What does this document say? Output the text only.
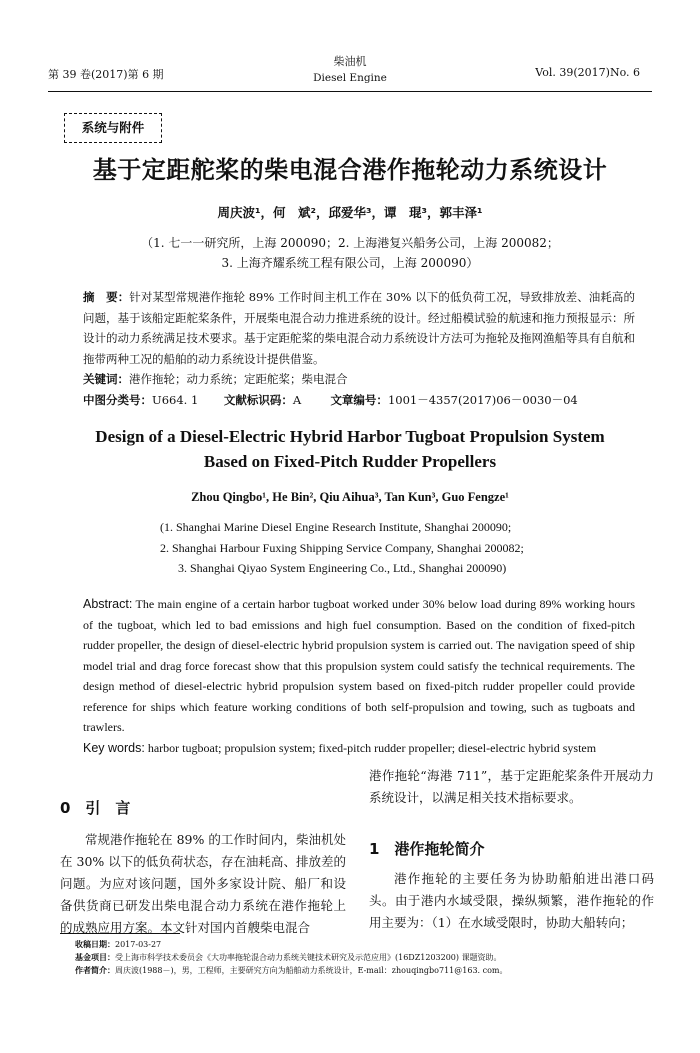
第 39 卷(2017)第 6 期
柴油机
Diesel Engine	Vol. 39(2017)No. 6
系统与附件
基于定距舵桨的柴电混合港作拖轮动力系统设计
周庆波¹，何　斌²，邱爱华³，谭　琨³，郭丰泽¹
（1. 七一一研究所，上海 200090；2. 上海港复兴船务公司，上海 200082；
3. 上海齐耀系统工程有限公司，上海 200090）
摘　要：针对某型常规港作拖轮 89% 工作时间主机工作在 30% 以下的低负荷工况，导致排放差、油耗高的问题，基于该船定距舵桨条件，开展柴电混合动力推进系统的设计。经过船模试验的航速和拖力预报显示：所设计的动力系统满足技术要求。基于定距舵桨的柴电混合动力系统设计方法可为拖轮及拖网渔船等具有自航和拖带两种工况的船舶的动力系统设计提供借鉴。
关键词：港作拖轮；动力系统；定距舵桨；柴电混合
中图分类号：U664. 1 文献标识码：A	文章编号：1001－4357(2017)06－0030－04
Design of a Diesel-Electric Hybrid Harbor Tugboat Propulsion System
Based on Fixed-Pitch Rudder Propellers
Zhou Qingbo¹, He Bin², Qiu Aihua³, Tan Kun³, Guo Fengze¹
(1. Shanghai Marine Diesel Engine Research Institute, Shanghai 200090;
2. Shanghai Harbour Fuxing Shipping Service Company, Shanghai 200082;
3. Shanghai Qiyao System Engineering Co., Ltd., Shanghai 200090)
Abstract: The main engine of a certain harbor tugboat worked under 30% below load during 89% working hours of the tugboat, which led to bad emissions and high fuel consumption. Based on the condition of fixed-pitch rudder propeller, the design of diesel-electric hybrid propulsion system is carried out. The navigation speed of ship model trial and drag force forecast show that this propulsion system could satisfy the technical requirements. The design method of diesel-electric hybrid propulsion system based on fixed-pitch rudder propeller could provide reference for ships which feature working conditions of both self-propulsion and towing, such as tugboats and trawlers.
Key words: harbor tugboat; propulsion system; fixed-pitch rudder propeller; diesel-electric hybrid system
0　引　言
常规港作拖轮在 89% 的工作时间内，柴油机处在 30% 以下的低负荷状态，存在油耗高、排放差的问题。为应对该问题，国外多家设计院、船厂和设备供货商已研发出柴电混合动力系统在港作拖轮上的成熟应用方案。本文针对国内首艘柴电混合
港作拖轮“海港 711”，基于定距舵桨条件开展动力系统设计，以满足相关技术指标要求。
1　港作拖轮简介
港作拖轮的主要任务为协助船舶进出港口码头。由于港内水域受限，操纵频繁，港作拖轮的作用主要为：（1）在水域受限时，协助大船转向；
收稿日期：2017-03-27
基金项目：受上海市科学技术委员会《大功率拖轮混合动力系统关键技术研究及示范应用》(16DZ1203200) 课题资助。
作者简介：周庆波(1988－)，男，工程师，主要研究方向为船舶动力系统设计，E-mail：zhouqingbo711@163. com。
